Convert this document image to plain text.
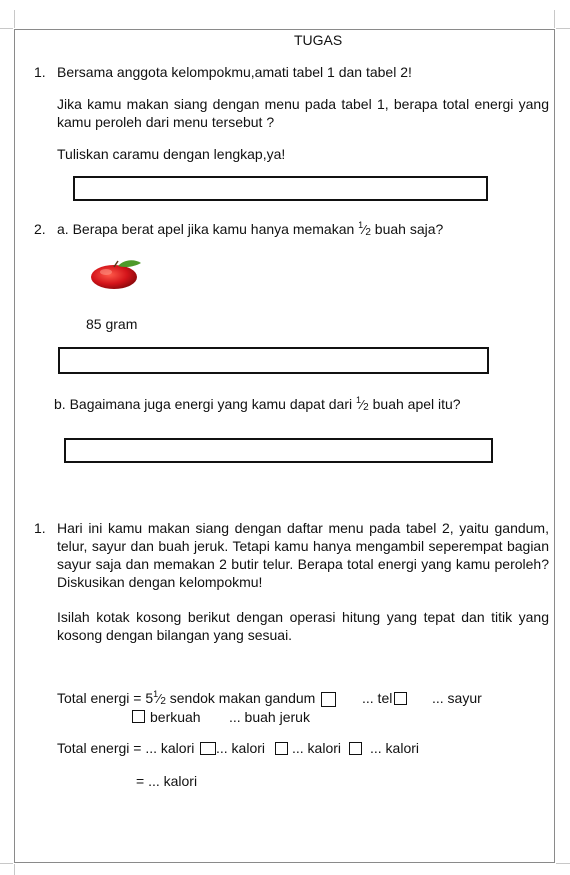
TUGAS
1. Bersama anggota kelompokmu,amati tabel 1 dan tabel 2!
Jika kamu makan siang dengan menu pada tabel 1, berapa total energi yang kamu peroleh dari menu tersebut ?
Tuliskan caramu dengan lengkap,ya!
2. a. Berapa berat apel jika kamu hanya memakan $^1⁄_2$ buah saja?
85 gram
b. Bagaimana juga energi yang kamu dapat dari $^1⁄_2$ buah apel itu?
1. Hari ini kamu makan siang dengan daftar menu pada tabel 2, yaitu gandum, telur, sayur dan buah jeruk. Tetapi kamu hanya mengambil seperempat bagian sayur saja dan memakan 2 butir telur. Berapa total energi yang kamu peroleh? Diskusikan dengan kelompokmu!
Isilah kotak kosong berikut dengan operasi hitung yang tepat dan titik yang kosong dengan bilangan yang sesuai.
Total energi = $5^1⁄_2$ sendok makan gandum	... tel	... sayur
berkuah ... buah jeruk
Total energi = ... kalori ... kalori ... kalori ... kalori
= ... kalori
